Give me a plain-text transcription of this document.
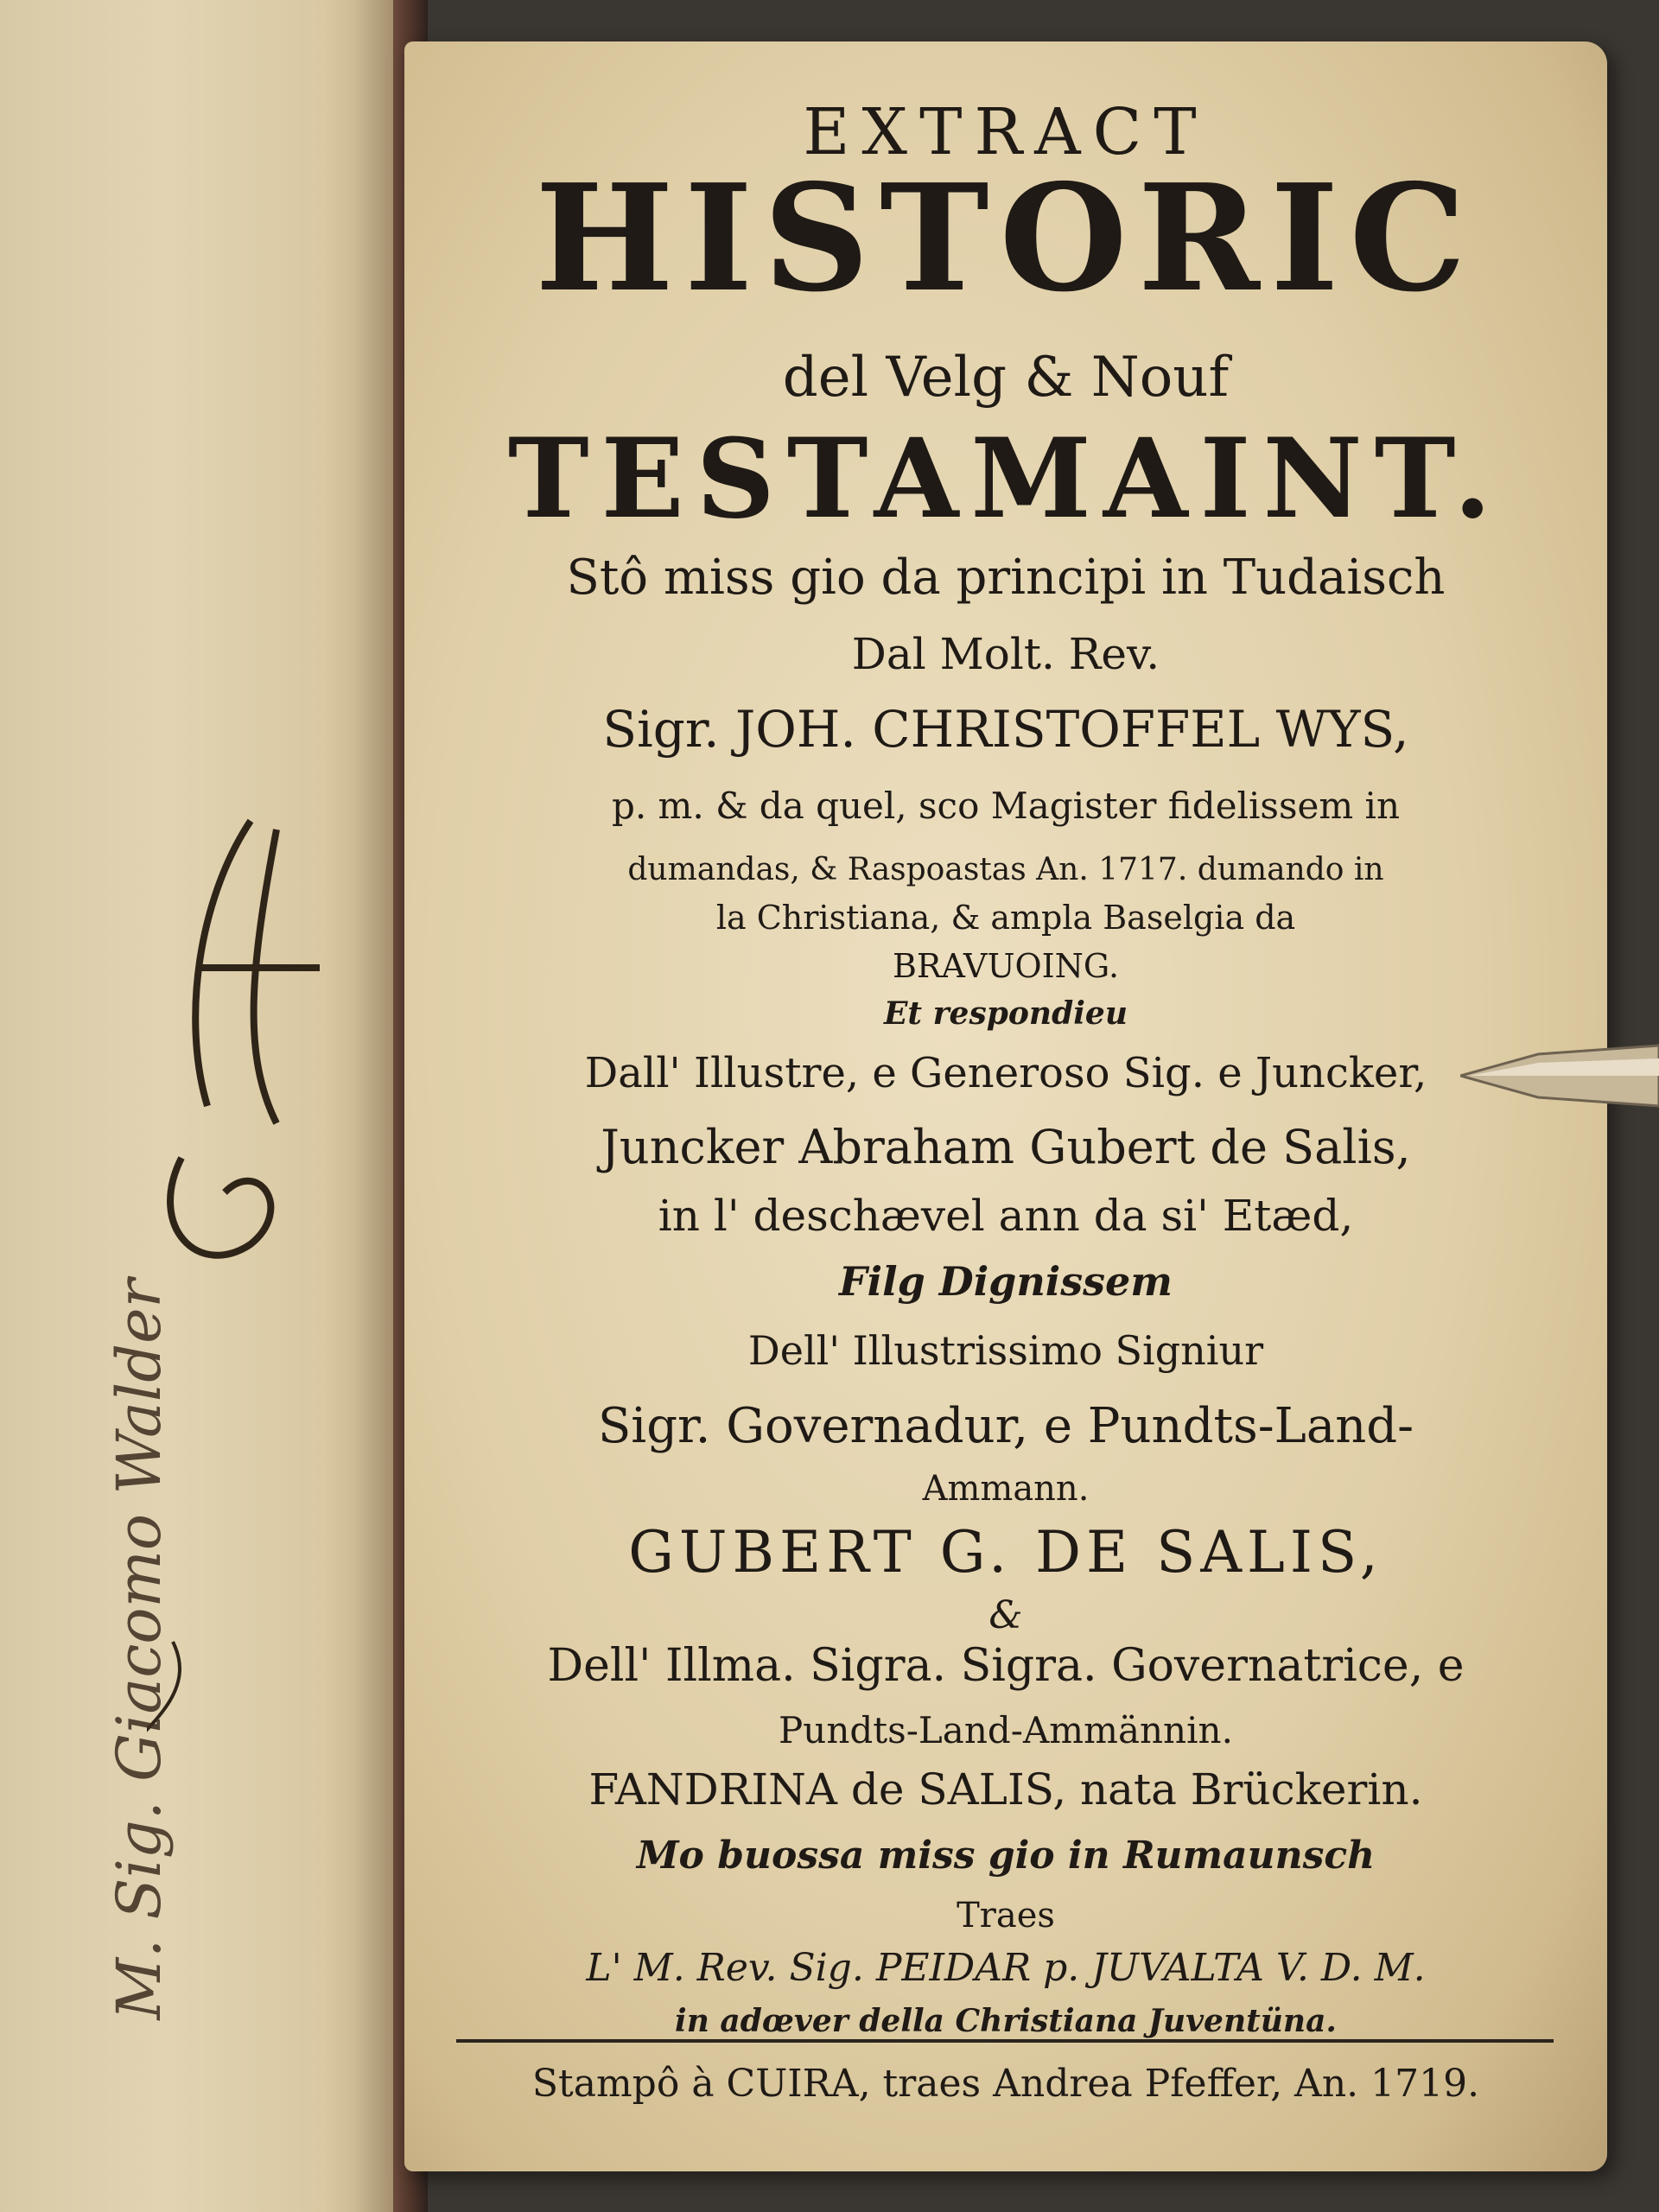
M. Sig. Giacomo Walder
EXTRACT
HISTORIC
del Velg & Nouf
TESTAMAINT.
Stô miss gio da principi in Tudaisch
Dal Molt. Rev.
Sigr. JOH. CHRISTOFFEL WYS,
p. m. & da quel, sco Magister fidelissem in
dumandas, & Raspoastas An. 1717. dumando in
la Christiana, & ampla Baselgia da
BRAVUOING.
Et respondieu
Dall' Illustre, e Generoso Sig. e Juncker,
Juncker Abraham Gubert de Salis,
in l' deschævel ann da si' Etæd,
Filg Dignissem
Dell' Illustrissimo Signiur
Sigr. Governadur, e Pundts-Land-
Ammann.
GUBERT G. DE SALIS,
&
Dell' Illma. Sigra. Sigra. Governatrice, e
Pundts-Land-Ammännin.
FANDRINA de SALIS, nata Brückerin.
Mo buossa miss gio in Rumaunsch
Traes
L' M. Rev. Sig. PEIDAR p. JUVALTA V. D. M.
in adœver della Christiana Juventüna.
Stampô à CUIRA, traes Andrea Pfeffer, An. 1719.
